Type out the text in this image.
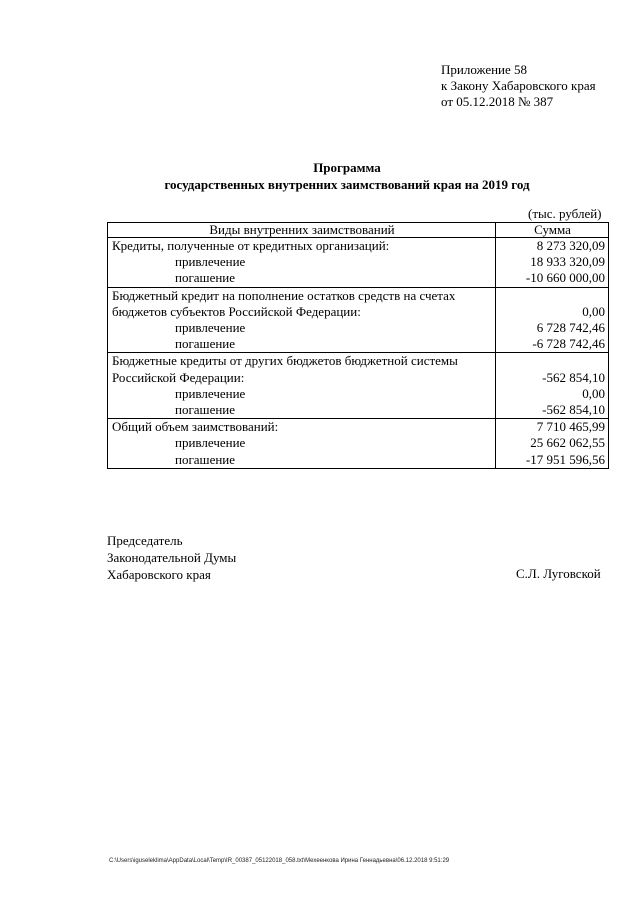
Приложение 58
к Закону Хабаровского края
от 05.12.2018 № 387
Программа
государственных внутренних заимствований края на 2019 год
(тыс. рублей)
Виды внутренних заимствований	Сумма
Кредиты, полученные от кредитных организаций:	8 273 320,09
привлечение	18 933 320,09
погашение	-10 660 000,00
Бюджетный кредит на пополнение остатков средств на счетах	
бюджетов субъектов Российской Федерации:	0,00
привлечение	6 728 742,46
погашение	-6 728 742,46
Бюджетные кредиты от других бюджетов бюджетной системы	
Российской Федерации:	-562 854,10
привлечение	0,00
погашение	-562 854,10
Общий объем заимствований:	7 710 465,99
привлечение	25 662 062,55
погашение	-17 951 596,56
Председатель
Законодательной Думы
Хабаровского края	С.Л. Луговской
C:\Users\iguseleklima\AppData\Local\Temp\IR_00387_05122018_058.txt\Мехеенкова Ирина Геннадьевна\06.12.2018 9:51:29
